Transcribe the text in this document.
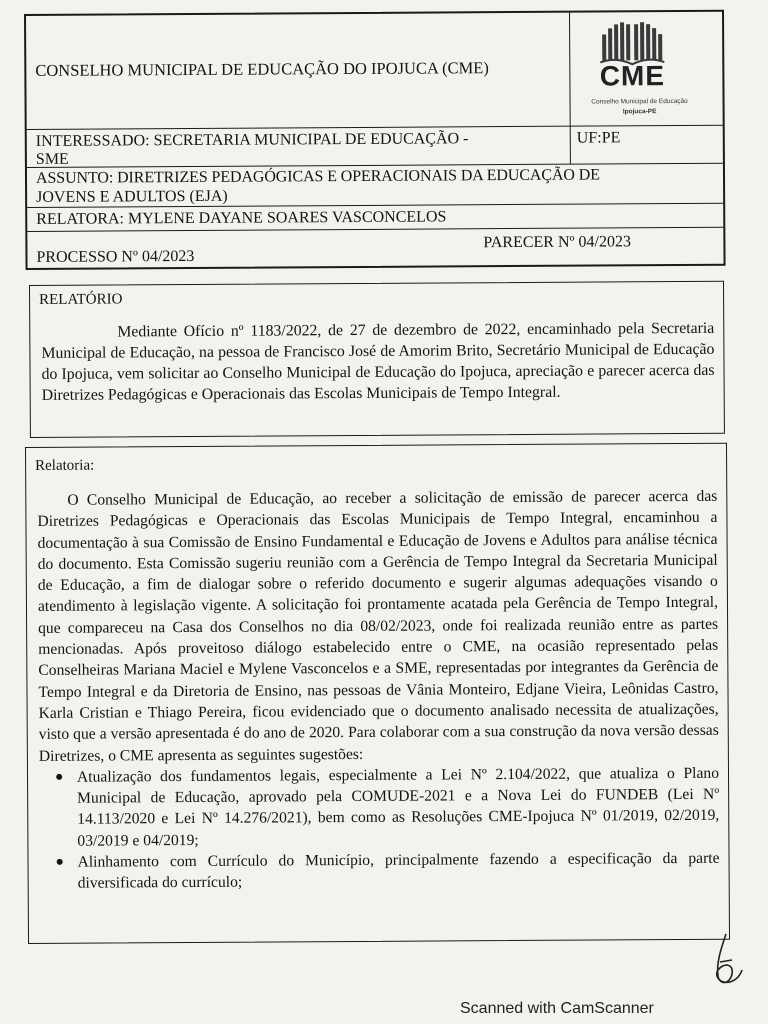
CONSELHO MUNICIPAL DE EDUCAÇÃO DO IPOJUCA (CME)	CME
Conselho Municipal de Educação
Ipojuca-PE
INTERESSADO: SECRETARIA MUNICIPAL DE EDUCAÇÃO -
SME
UF:PE
ASSUNTO: DIRETRIZES PEDAGÓGICAS E OPERACIONAIS DA EDUCAÇÃO DE
JOVENS E ADULTOS (EJA)
RELATORA: MYLENE DAYANE SOARES VASCONCELOS
PROCESSO Nº 04/2023
PARECER Nº 04/2023
RELATÓRIO

Mediante Ofício nº 1183/2022, de 27 de dezembro de 2022, encaminhado pela Secretaria Municipal de Educação, na pessoa de Francisco José de Amorim Brito, Secretário Municipal de Educação do Ipojuca, vem solicitar ao Conselho Municipal de Educação do Ipojuca, apreciação e parecer acerca das Diretrizes Pedagógicas e Operacionais das Escolas Municipais de Tempo Integral.

Relatoria:

O Conselho Municipal de Educação, ao receber a solicitação de emissão de parecer acerca das Diretrizes Pedagógicas e Operacionais das Escolas Municipais de Tempo Integral, encaminhou a documentação à sua Comissão de Ensino Fundamental e Educação de Jovens e Adultos para análise técnica do documento. Esta Comissão sugeriu reunião com a Gerência de Tempo Integral da Secretaria Municipal de Educação, a fim de dialogar sobre o referido documento e sugerir algumas adequações visando o atendimento à legislação vigente. A solicitação foi prontamente acatada pela Gerência de Tempo Integral, que compareceu na Casa dos Conselhos no dia 08/02/2023, onde foi realizada reunião entre as partes mencionadas. Após proveitoso diálogo estabelecido entre o CME, na ocasião representado pelas Conselheiras Mariana Maciel e Mylene Vasconcelos e a SME, representadas por integrantes da Gerência de Tempo Integral e da Diretoria de Ensino, nas pessoas de Vânia Monteiro, Edjane Vieira, Leônidas Castro, Karla Cristian e Thiago Pereira, ficou evidenciado que o documento analisado necessita de atualizações, visto que a versão apresentada é do ano de 2020. Para colaborar com a sua construção da nova versão dessas Diretrizes, o CME apresenta as seguintes sugestões:

● Atualização dos fundamentos legais, especialmente a Lei Nº 2.104/2022, que atualiza o Plano Municipal de Educação, aprovado pela COMUDE-2021 e a Nova Lei do FUNDEB (Lei Nº 14.113/2020 e Lei Nº 14.276/2021), bem como as Resoluções CME-Ipojuca Nº 01/2019, 02/2019, 03/2019 e 04/2019;
● Alinhamento com Currículo do Município, principalmente fazendo a especificação da parte diversificada do currículo;
Scanned with CamScanner
